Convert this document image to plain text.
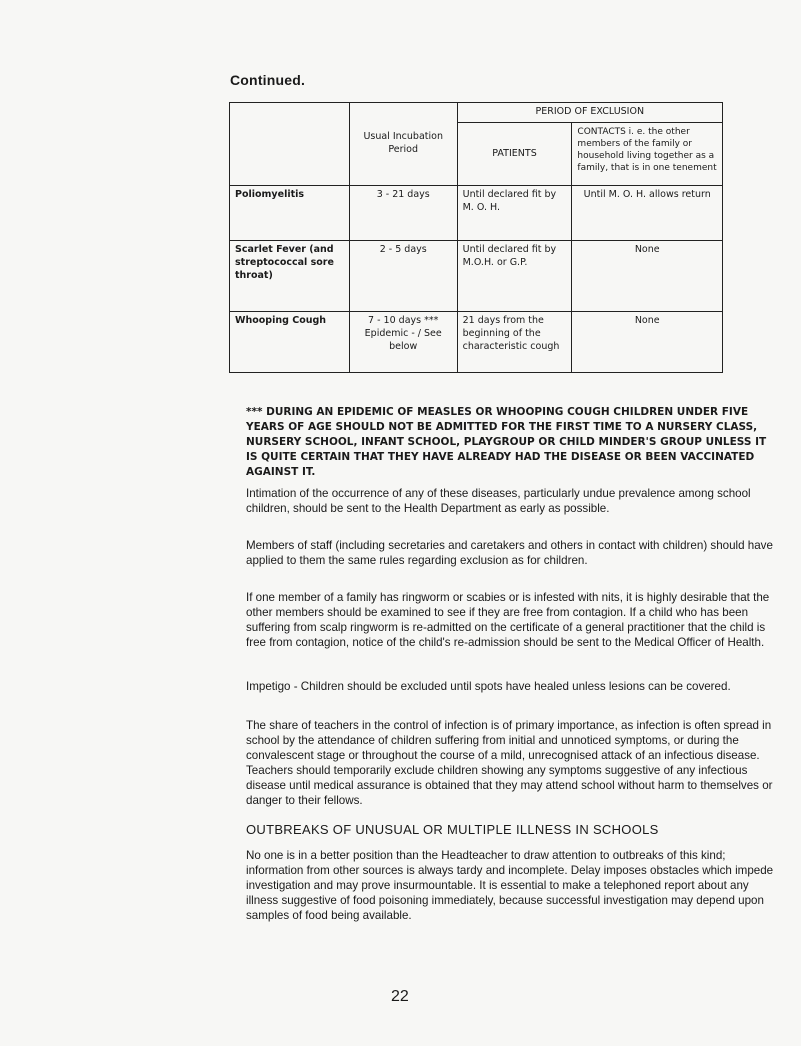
Continued.
	Usual Incubation Period	PERIOD OF EXCLUSION	
		PATIENTS	CONTACTS i. e. the other members of the family or household living together as a family, that is in one tenement
Poliomyelitis	3 - 21 days	Until declared fit by M. O. H.	Until M. O. H. allows return
Scarlet Fever (and streptococcal sore throat)	2 - 5 days	Until declared fit by M.O.H. or G.P.	None
Whooping Cough	7 - 10 days *** Epidemic - / See below	21 days from the beginning of the characteristic cough	None
*** DURING AN EPIDEMIC OF MEASLES OR WHOOPING COUGH CHILDREN UNDER FIVE YEARS OF AGE SHOULD NOT BE ADMITTED FOR THE FIRST TIME TO A NURSERY CLASS, NURSERY SCHOOL, INFANT SCHOOL, PLAYGROUP OR CHILD MINDER'S GROUP UNLESS IT IS QUITE CERTAIN THAT THEY HAVE ALREADY HAD THE DISEASE OR BEEN VACCINATED AGAINST IT.
Intimation of the occurrence of any of these diseases, particularly undue prevalence among school children, should be sent to the Health Department as early as possible.
Members of staff (including secretaries and caretakers and others in contact with children) should have applied to them the same rules regarding exclusion as for children.
If one member of a family has ringworm or scabies or is infested with nits, it is highly desirable that the other members should be examined to see if they are free from contagion. If a child who has been suffering from scalp ringworm is re-admitted on the certificate of a general practitioner that the child is free from contagion, notice of the child's re-admission should be sent to the Medical Officer of Health.
Impetigo - Children should be excluded until spots have healed unless lesions can be covered.
The share of teachers in the control of infection is of primary importance, as infection is often spread in school by the attendance of children suffering from initial and unnoticed symptoms, or during the convalescent stage or throughout the course of a mild, unrecognised attack of an infectious disease. Teachers should temporarily exclude children showing any symptoms suggestive of any infectious disease until medical assurance is obtained that they may attend school without harm to themselves or danger to their fellows.
OUTBREAKS OF UNUSUAL OR MULTIPLE ILLNESS IN SCHOOLS
No one is in a better position than the Headteacher to draw attention to outbreaks of this kind; information from other sources is always tardy and incomplete. Delay imposes obstacles which impede investigation and may prove insurmountable. It is essential to make a telephoned report about any illness suggestive of food poisoning immediately, because successful investigation may depend upon samples of food being available.
22
